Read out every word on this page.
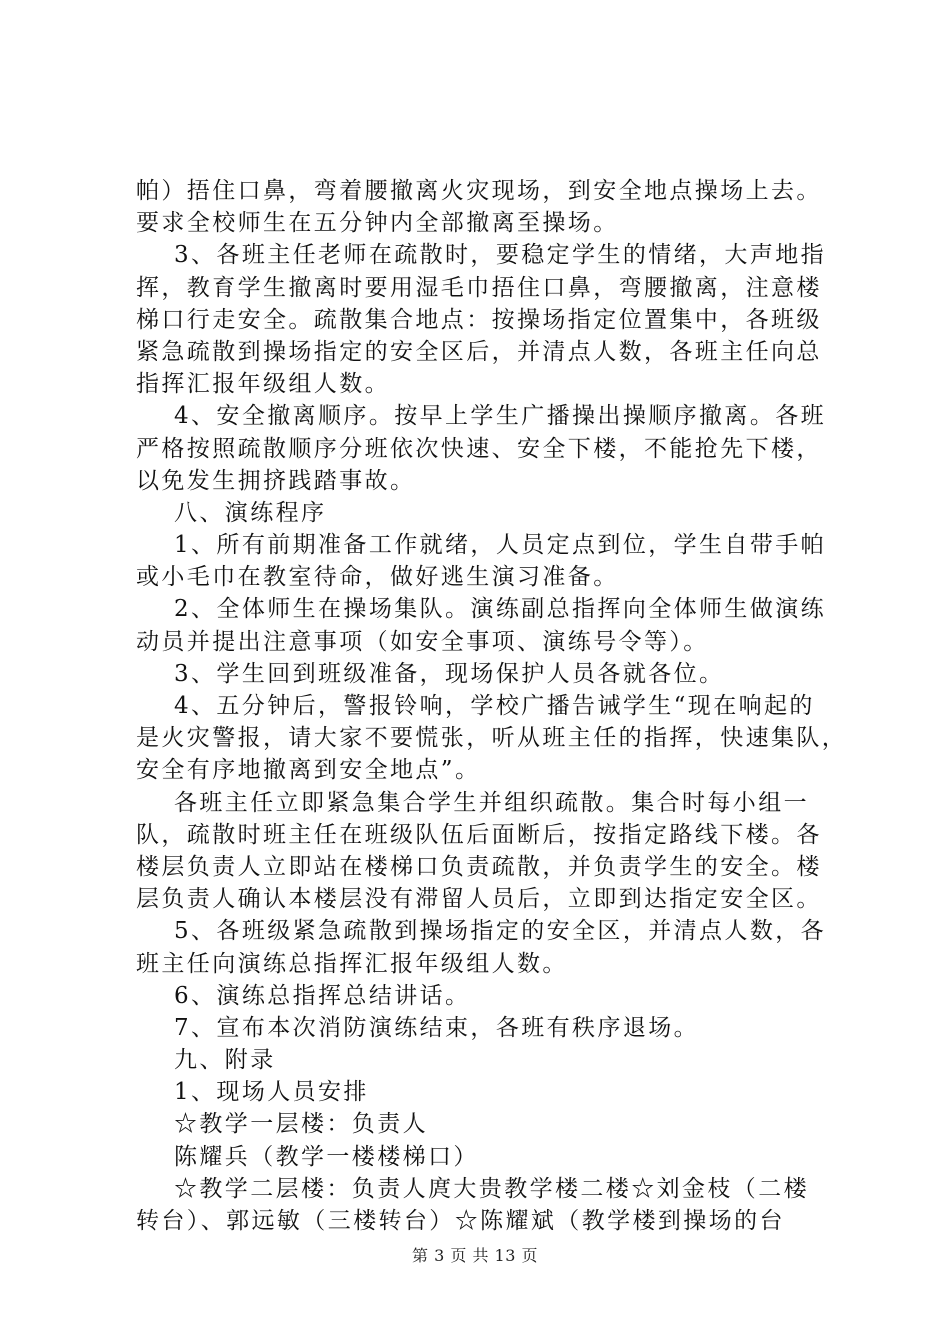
帕）捂住口鼻，弯着腰撤离火灾现场，到安全地点操场上去。
要求全校师生在五分钟内全部撤离至操场。
3、各班主任老师在疏散时，要稳定学生的情绪，大声地指
挥，教育学生撤离时要用湿毛巾捂住口鼻，弯腰撤离，注意楼
梯口行走安全。疏散集合地点：按操场指定位置集中，各班级
紧急疏散到操场指定的安全区后，并清点人数，各班主任向总
指挥汇报年级组人数。
4、安全撤离顺序。按早上学生广播操出操顺序撤离。各班
严格按照疏散顺序分班依次快速、安全下楼，不能抢先下楼，
以免发生拥挤践踏事故。
八、演练程序
1、所有前期准备工作就绪，人员定点到位，学生自带手帕
或小毛巾在教室待命，做好逃生演习准备。
2、全体师生在操场集队。演练副总指挥向全体师生做演练
动员并提出注意事项（如安全事项、演练号令等）。
3、学生回到班级准备，现场保护人员各就各位。
4、五分钟后，警报铃响，学校广播告诫学生“现在响起的
是火灾警报，请大家不要慌张，听从班主任的指挥，快速集队，
安全有序地撤离到安全地点”。
各班主任立即紧急集合学生并组织疏散。集合时每小组一
队，疏散时班主任在班级队伍后面断后，按指定路线下楼。各
楼层负责人立即站在楼梯口负责疏散，并负责学生的安全。楼
层负责人确认本楼层没有滞留人员后，立即到达指定安全区。
5、各班级紧急疏散到操场指定的安全区，并清点人数，各
班主任向演练总指挥汇报年级组人数。
6、演练总指挥总结讲话。
7、宣布本次消防演练结束，各班有秩序退场。
九、附录
1、现场人员安排
☆教学一层楼：负责人
陈耀兵（教学一楼楼梯口）
☆教学二层楼：负责人庹大贵教学楼二楼☆刘金枝（二楼
转台）、郭远敏（三楼转台）☆陈耀斌（教学楼到操场的台
第 3 页 共 13 页
